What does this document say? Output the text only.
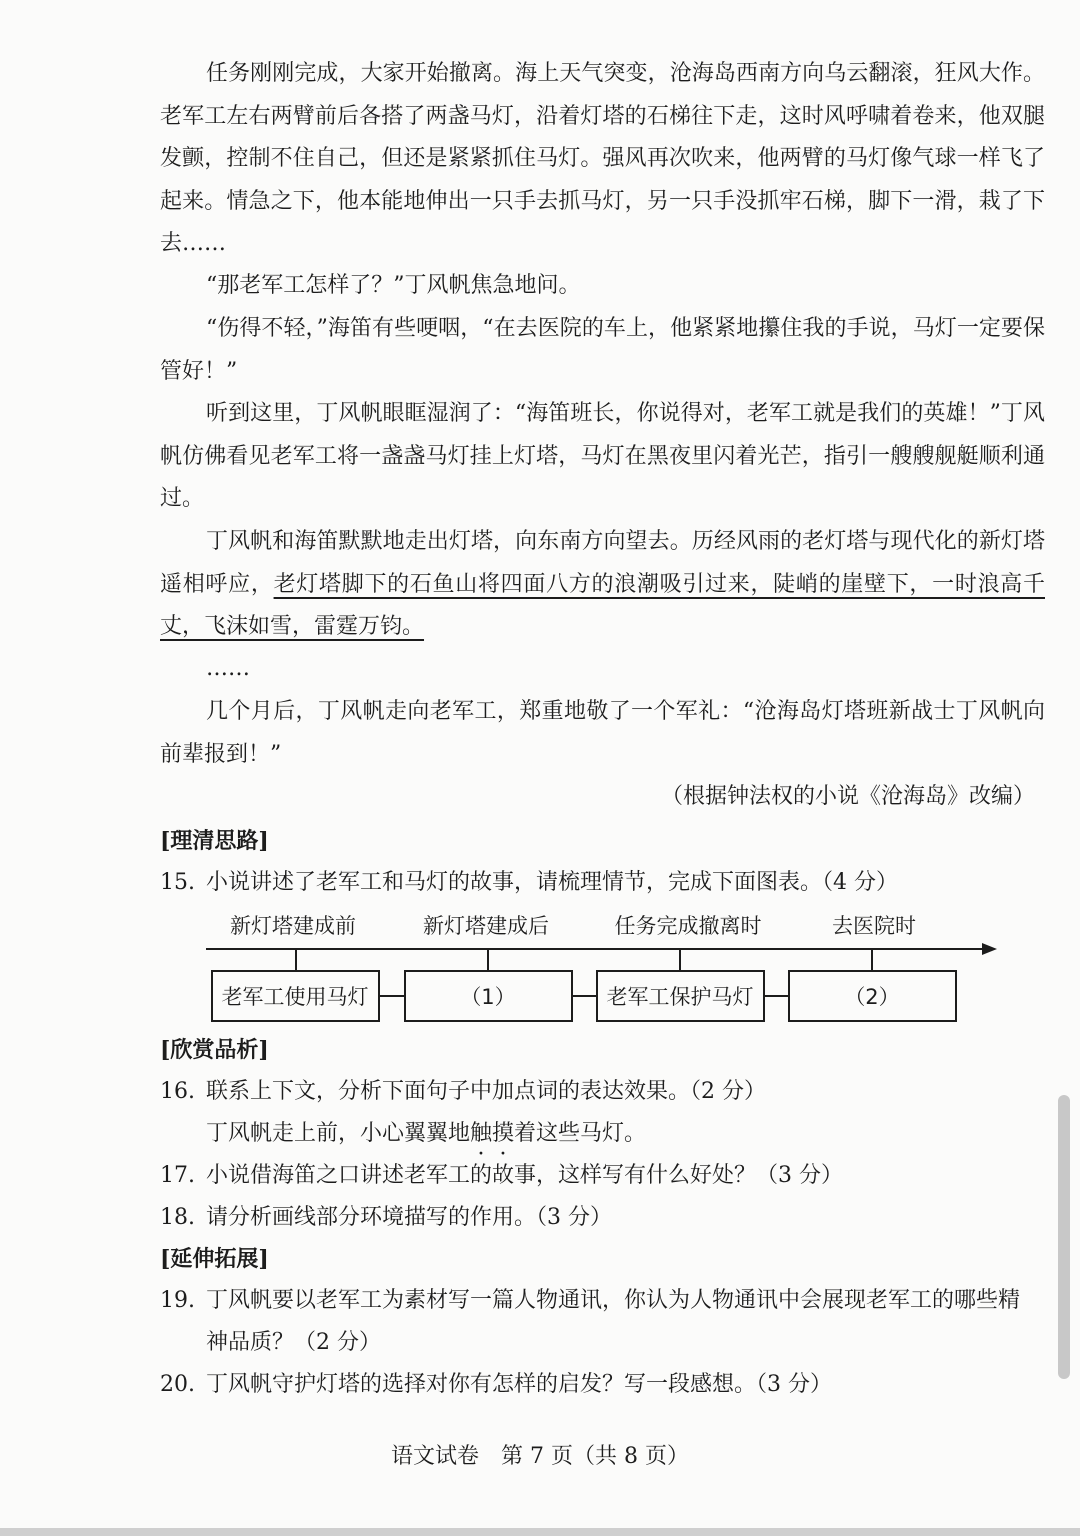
任务刚刚完成，大家开始撤离。海上天气突变，沧海岛西南方向乌云翻滚，狂风大作。老军工左右两臂前后各搭了两盏马灯，沿着灯塔的石梯往下走，这时风呼啸着卷来，他双腿发颤，控制不住自己，但还是紧紧抓住马灯。强风再次吹来，他两臂的马灯像气球一样飞了起来。情急之下，他本能地伸出一只手去抓马灯，另一只手没抓牢石梯，脚下一滑，栽了下去……

“那老军工怎样了？”丁风帆焦急地问。

“伤得不轻，”海笛有些哽咽，“在去医院的车上，他紧紧地攥住我的手说，马灯一定要保管好！”

听到这里，丁风帆眼眶湿润了：“海笛班长，你说得对，老军工就是我们的英雄！”丁风帆仿佛看见老军工将一盏盏马灯挂上灯塔，马灯在黑夜里闪着光芒，指引一艘艘舰艇顺利通过。

丁风帆和海笛默默地走出灯塔，向东南方向望去。历经风雨的老灯塔与现代化的新灯塔遥相呼应，老灯塔脚下的石鱼山将四面八方的浪潮吸引过来，陡峭的崖壁下，一时浪高千丈，飞沫如雪，雷霆万钧。

……

几个月后，丁风帆走向老军工，郑重地敬了一个军礼：“沧海岛灯塔班新战士丁风帆向前辈报到！”

（根据钟法权的小说《沧海岛》改编）
[理清思路]
15. 小说讲述了老军工和马灯的故事，请梳理情节，完成下面图表。（4 分）
新灯塔建成前	新灯塔建成后	任务完成撤离时	去医院时
老军工使用马灯	（1）	老军工保护马灯	（2）
[欣赏品析]
16. 联系上下文，分析下面句子中加点词的表达效果。（2 分）
丁风帆走上前，小心翼翼地触摸着这些马灯。
17. 小说借海笛之口讲述老军工的故事，这样写有什么好处？（3 分）
18. 请分析画线部分环境描写的作用。（3 分）
[延伸拓展]
19. 丁风帆要以老军工为素材写一篇人物通讯，你认为人物通讯中会展现老军工的哪些精
神品质？（2 分）
20. 丁风帆守护灯塔的选择对你有怎样的启发？写一段感想。（3 分）
语文试卷　第 7 页（共 8 页）
